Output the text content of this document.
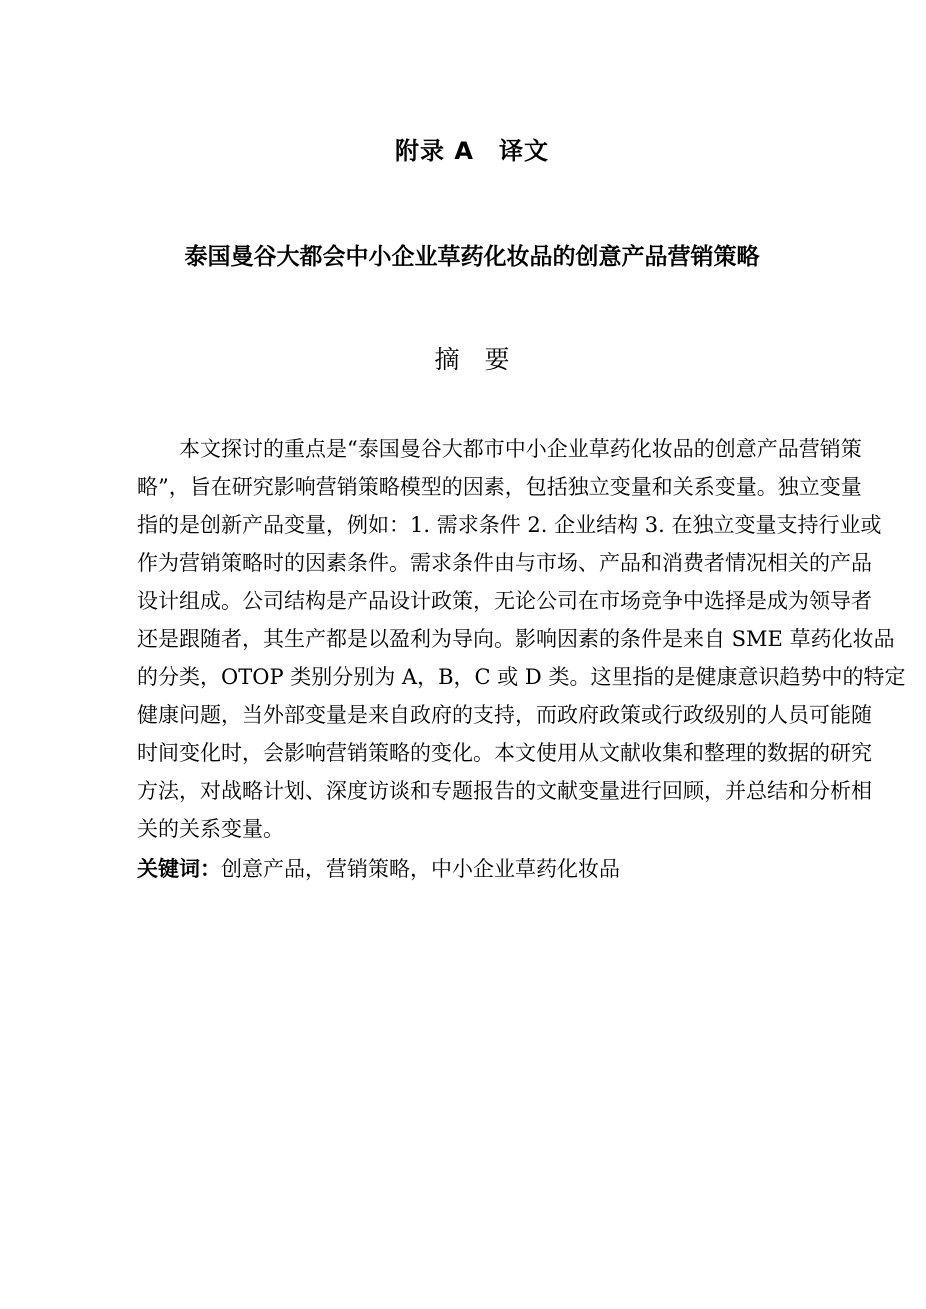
附录 A　译文
泰国曼谷大都会中小企业草药化妆品的创意产品营销策略
摘　要
本文探讨的重点是“泰国曼谷大都市中小企业草药化妆品的创意产品营销策
略”，旨在研究影响营销策略模型的因素，包括独立变量和关系变量。独立变量
指的是创新产品变量，例如：1. 需求条件 2. 企业结构 3. 在独立变量支持行业或
作为营销策略时的因素条件。需求条件由与市场、产品和消费者情况相关的产品
设计组成。公司结构是产品设计政策，无论公司在市场竞争中选择是成为领导者
还是跟随者，其生产都是以盈利为导向。影响因素的条件是来自 SME 草药化妆品
的分类，OTOP 类别分别为 A，B，C 或 D 类。这里指的是健康意识趋势中的特定
健康问题，当外部变量是来自政府的支持，而政府政策或行政级别的人员可能随
时间变化时，会影响营销策略的变化。本文使用从文献收集和整理的数据的研究
方法，对战略计划、深度访谈和专题报告的文献变量进行回顾，并总结和分析相
关的关系变量。
关键词：创意产品，营销策略，中小企业草药化妆品
